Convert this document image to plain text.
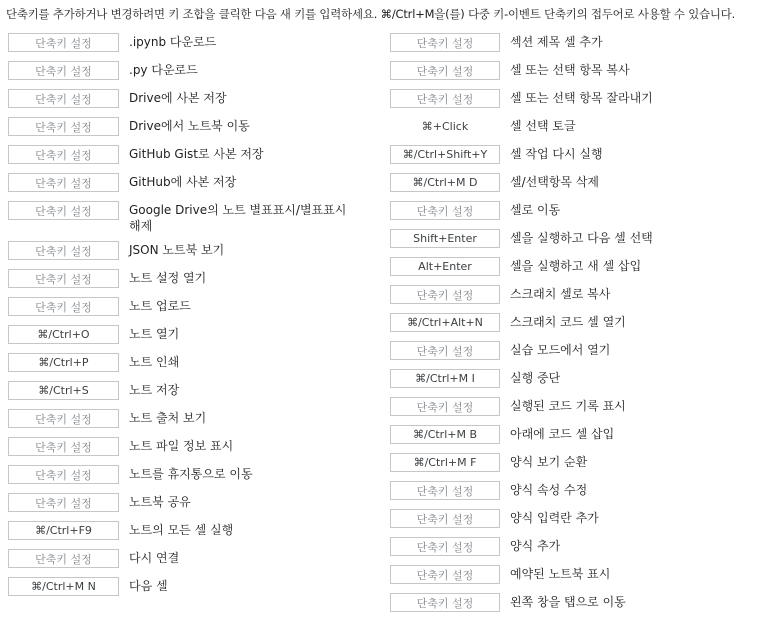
단축키를 추가하거나 변경하려면 키 조합을 클릭한 다음 새 키를 입력하세요. ⌘/Ctrl+M을(를) 다중 키-이벤트 단축키의 접두어로 사용할 수 있습니다.
단축키 설정	.ipynb 다운로드
단축키 설정	.py 다운로드
단축키 설정	Drive에 사본 저장
단축키 설정	Drive에서 노트북 이동
단축키 설정	GitHub Gist로 사본 저장
단축키 설정	GitHub에 사본 저장
단축키 설정	Google Drive의 노트 별표표시/별표표시 해제
단축키 설정	JSON 노트북 보기
단축키 설정	노트 설정 열기
단축키 설정	노트 업로드
⌘/Ctrl+O	노트 열기
⌘/Ctrl+P	노트 인쇄
⌘/Ctrl+S	노트 저장
단축키 설정	노트 출처 보기
단축키 설정	노트 파일 정보 표시
단축키 설정	노트를 휴지통으로 이동
단축키 설정	노트북 공유
⌘/Ctrl+F9	노트의 모든 셀 실행
단축키 설정	다시 연결
⌘/Ctrl+M N	다음 셀
단축키 설정	섹션 제목 셀 추가
단축키 설정	셀 또는 선택 항목 복사
단축키 설정	셀 또는 선택 항목 잘라내기
⌘+Click	셀 선택 토글
⌘/Ctrl+Shift+Y	셀 작업 다시 실행
⌘/Ctrl+M D	셀/선택항목 삭제
단축키 설정	셀로 이동
Shift+Enter	셀을 실행하고 다음 셀 선택
Alt+Enter	셀을 실행하고 새 셀 삽입
단축키 설정	스크래치 셀로 복사
⌘/Ctrl+Alt+N	스크래치 코드 셀 열기
단축키 설정	실습 모드에서 열기
⌘/Ctrl+M I	실행 중단
단축키 설정	실행된 코드 기록 표시
⌘/Ctrl+M B	아래에 코드 셀 삽입
⌘/Ctrl+M F	양식 보기 순환
단축키 설정	양식 속성 수정
단축키 설정	양식 입력란 추가
단축키 설정	양식 추가
단축키 설정	예약된 노트북 표시
단축키 설정	왼쪽 창을 탭으로 이동
